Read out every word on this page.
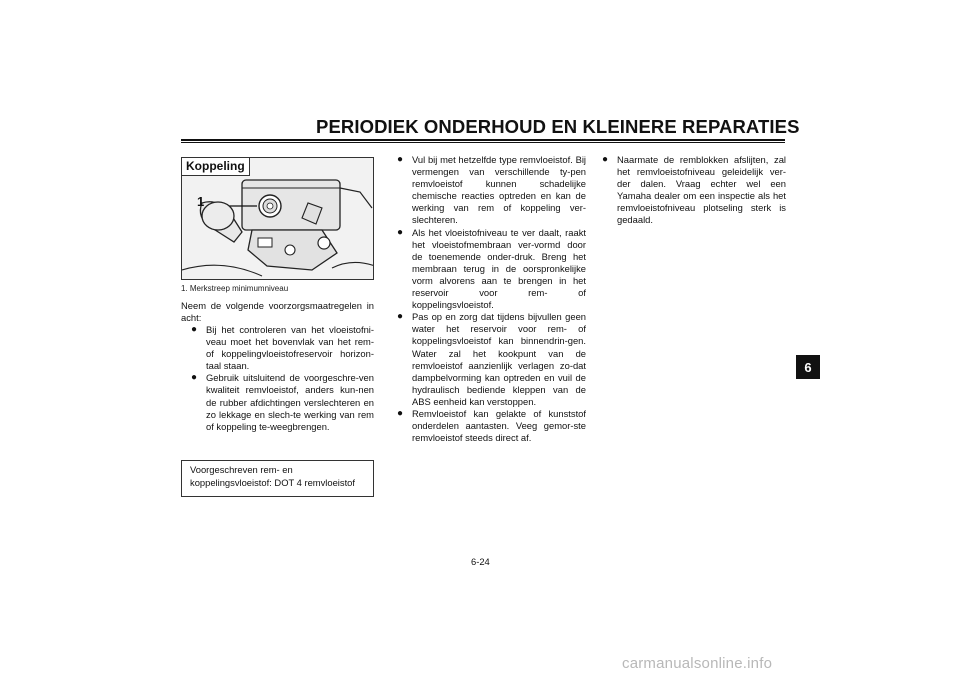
PERIODIEK ONDERHOUD EN KLEINERE REPARATIES
Koppeling
1
1. Merkstreep minimumniveau
Neem de volgende voorzorgsmaatregelen in acht:
● Bij het controleren van het vloeistofni-veau moet het bovenvlak van het rem- of koppelingvloeistofreservoir horizon-taal staan.
● Gebruik uitsluitend de voorgeschre-ven kwaliteit remvloeistof, anders kun-nen de rubber afdichtingen verslechteren en zo lekkage en slech-te werking van rem of koppeling te-weegbrengen.
Voorgeschreven rem- en
koppelingsvloeistof: DOT 4 remvloeistof
● Vul bij met hetzelfde type remvloeistof. Bij vermengen van verschillende ty-pen remvloeistof kunnen schadelijke chemische reacties optreden en kan de werking van rem of koppeling ver-slechteren.
● Als het vloeistofniveau te ver daalt, raakt het vloeistofmembraan ver-vormd door de toenemende onder-druk. Breng het membraan terug in de oorspronkelijke vorm alvorens aan te brengen in het reservoir voor rem- of koppelingsvloeistof.
● Pas op en zorg dat tijdens bijvullen geen water het reservoir voor rem- of koppelingsvloeistof kan binnendrin-gen. Water zal het kookpunt van de remvloeistof aanzienlijk verlagen zo-dat dampbelvorming kan optreden en vuil de hydraulisch bediende kleppen van de ABS eenheid kan verstoppen.
● Remvloeistof kan gelakte of kunststof onderdelen aantasten. Veeg gemor-ste remvloeistof steeds direct af.
● Naarmate de remblokken afslijten, zal het remvloeistofniveau geleidelijk ver-der dalen. Vraag echter wel een Yamaha dealer om een inspectie als het remvloeistofniveau plotseling sterk is gedaald.
6-24
6
carmanualsonline.info
